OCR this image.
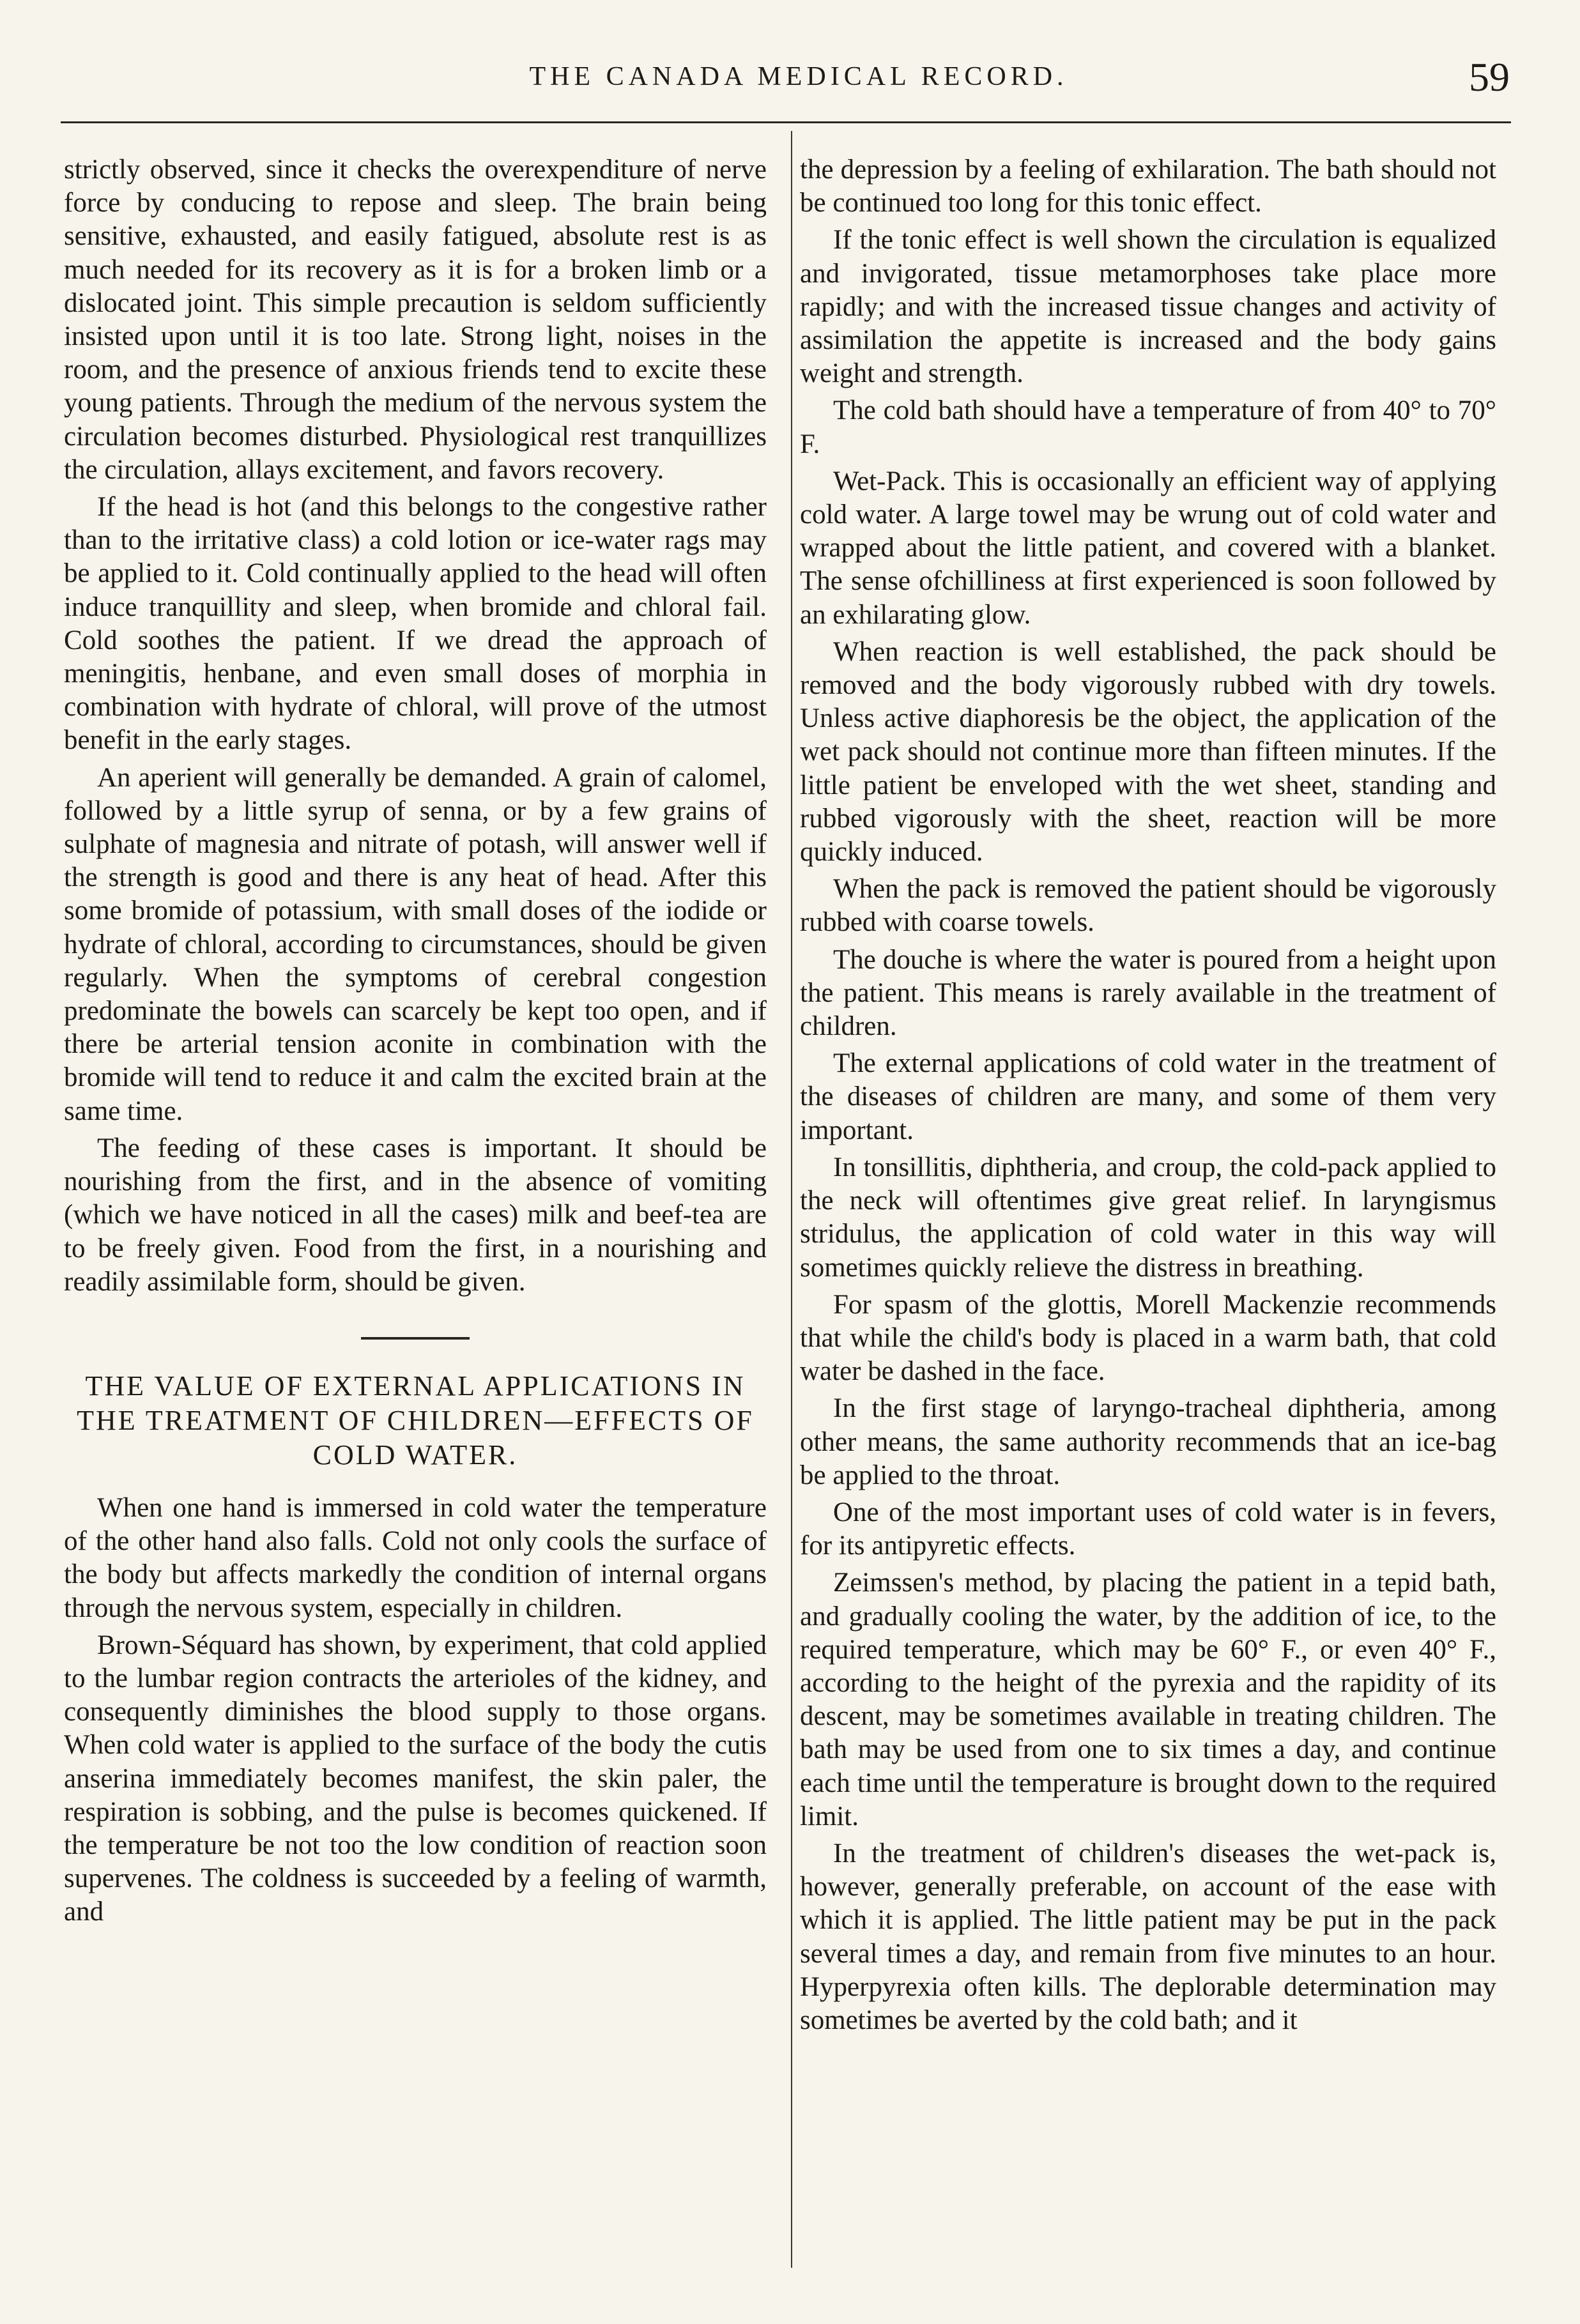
THE CANADA MEDICAL RECORD.	59

strictly observed, since it checks the overexpenditure of nerve force by conducing to repose and sleep. The brain being sensitive, exhausted, and easily fatigued, absolute rest is as much needed for its recovery as it is for a broken limb or a dislocated joint. This simple precaution is seldom sufficiently insisted upon until it is too late. Strong light, noises in the room, and the presence of anxious friends tend to excite these young patients. Through the medium of the nervous system the circulation becomes disturbed. Physiological rest tranquillizes the circulation, allays excitement, and favors recovery.

If the head is hot (and this belongs to the congestive rather than to the irritative class) a cold lotion or ice-water rags may be applied to it. Cold continually applied to the head will often induce tranquillity and sleep, when bromide and chloral fail. Cold soothes the patient. If we dread the approach of meningitis, henbane, and even small doses of morphia in combination with hydrate of chloral, will prove of the utmost benefit in the early stages.

An aperient will generally be demanded. A grain of calomel, followed by a little syrup of senna, or by a few grains of sulphate of magnesia and nitrate of potash, will answer well if the strength is good and there is any heat of head. After this some bromide of potassium, with small doses of the iodide or hydrate of chloral, according to circumstances, should be given regularly. When the symptoms of cerebral congestion predominate the bowels can scarcely be kept too open, and if there be arterial tension aconite in combination with the bromide will tend to reduce it and calm the excited brain at the same time.

The feeding of these cases is important. It should be nourishing from the first, and in the absence of vomiting (which we have noticed in all the cases) milk and beef-tea are to be freely given. Food from the first, in a nourishing and readily assimilable form, should be given.

THE VALUE OF EXTERNAL APPLICATIONS IN THE TREATMENT OF CHILDREN—EFFECTS OF COLD WATER.

When one hand is immersed in cold water the temperature of the other hand also falls. Cold not only cools the surface of the body but affects markedly the condition of internal organs through the nervous system, especially in children.

Brown-Séquard has shown, by experiment, that cold applied to the lumbar region contracts the arterioles of the kidney, and consequently diminishes the blood supply to those organs. When cold water is applied to the surface of the body the cutis anserina immediately becomes manifest, the skin paler, the respiration is sobbing, and the pulse is becomes quickened. If the temperature be not too the low condition of reaction soon supervenes. The coldness is succeeded by a feeling of warmth, and

the depression by a feeling of exhilaration. The bath should not be continued too long for this tonic effect.

If the tonic effect is well shown the circulation is equalized and invigorated, tissue metamorphoses take place more rapidly; and with the increased tissue changes and activity of assimilation the appetite is increased and the body gains weight and strength.

The cold bath should have a temperature of from 40° to 70° F.

Wet-Pack. This is occasionally an efficient way of applying cold water. A large towel may be wrung out of cold water and wrapped about the little patient, and covered with a blanket. The sense ofchilliness at first experienced is soon followed by an exhilarating glow.

When reaction is well established, the pack should be removed and the body vigorously rubbed with dry towels. Unless active diaphoresis be the object, the application of the wet pack should not continue more than fifteen minutes. If the little patient be enveloped with the wet sheet, standing and rubbed vigorously with the sheet, reaction will be more quickly induced.

When the pack is removed the patient should be vigorously rubbed with coarse towels.

The douche is where the water is poured from a height upon the patient. This means is rarely available in the treatment of children.

The external applications of cold water in the treatment of the diseases of children are many, and some of them very important.

In tonsillitis, diphtheria, and croup, the cold-pack applied to the neck will oftentimes give great relief. In laryngismus stridulus, the application of cold water in this way will sometimes quickly relieve the distress in breathing.

For spasm of the glottis, Morell Mackenzie recommends that while the child's body is placed in a warm bath, that cold water be dashed in the face.

In the first stage of laryngo-tracheal diphtheria, among other means, the same authority recommends that an ice-bag be applied to the throat.

One of the most important uses of cold water is in fevers, for its antipyretic effects.

Zeimssen's method, by placing the patient in a tepid bath, and gradually cooling the water, by the addition of ice, to the required temperature, which may be 60° F., or even 40° F., according to the height of the pyrexia and the rapidity of its descent, may be sometimes available in treating children. The bath may be used from one to six times a day, and continue each time until the temperature is brought down to the required limit.

In the treatment of children's diseases the wet-pack is, however, generally preferable, on account of the ease with which it is applied. The little patient may be put in the pack several times a day, and remain from five minutes to an hour. Hyperpyrexia often kills. The deplorable determination may sometimes be averted by the cold bath; and it
